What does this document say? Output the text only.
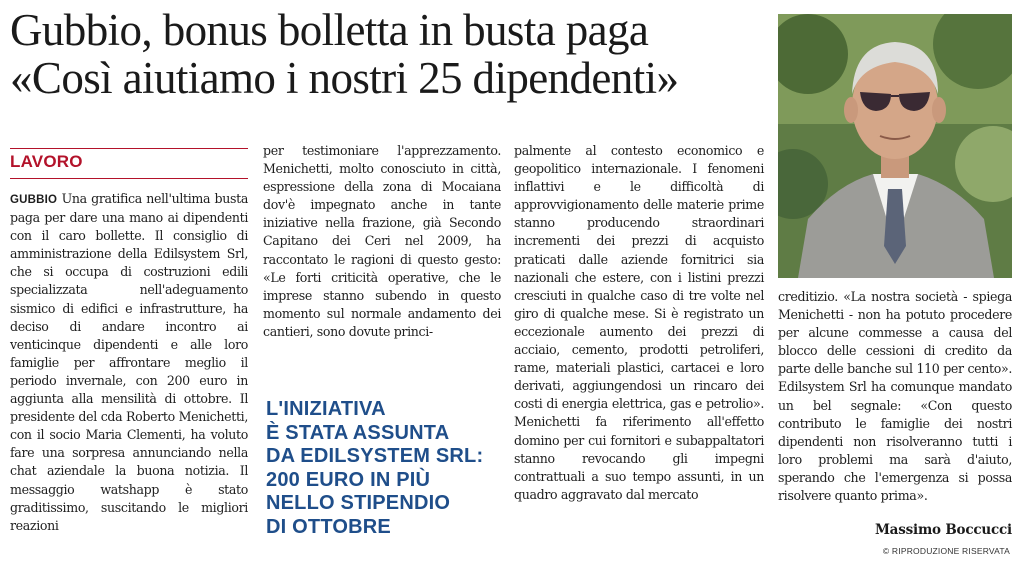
Gubbio, bonus bolletta in busta paga
«Così aiutiamo i nostri 25 dipendenti»
LAVORO
GUBBIO Una gratifica nell'ultima busta paga per dare una mano ai dipendenti con il caro bollette. Il consiglio di amministrazione della Edilsystem Srl, che si occupa di costruzioni edili specializzata nell'adeguamento sismico di edifici e infrastrutture, ha deciso di andare incontro ai venticinque dipendenti e alle loro famiglie per affrontare meglio il periodo invernale, con 200 euro in aggiunta alla mensilità di ottobre. Il presidente del cda Roberto Menichetti, con il socio Maria Clementi, ha voluto fare una sorpresa annunciando nella chat aziendale la buona notizia. Il messaggio watshapp è stato graditissimo, suscitando le migliori reazioni
per testimoniare l'apprezzamento. Menichetti, molto conosciuto in città, espressione della zona di Mocaiana dov'è impegnato anche in tante iniziative nella frazione, già Secondo Capitano dei Ceri nel 2009, ha raccontato le ragioni di questo gesto: «Le forti criticità operative, che le imprese stanno subendo in questo momento sul normale andamento dei cantieri, sono dovute princi-
L'INIZIATIVA
È STATA ASSUNTA
DA EDILSYSTEM SRL:
200 EURO IN PIÙ
NELLO STIPENDIO
DI OTTOBRE
palmente al contesto economico e geopolitico internazionale. I fenomeni inflattivi e le difficoltà di approvvigionamento delle materie prime stanno producendo straordinari incrementi dei prezzi di acquisto praticati dalle aziende fornitrici sia nazionali che estere, con i listini prezzi cresciuti in qualche caso di tre volte nel giro di qualche mese. Si è registrato un eccezionale aumento dei prezzi di acciaio, cemento, prodotti petroliferi, rame, materiali plastici, cartacei e loro derivati, aggiungendosi un rincaro dei costi di energia elettrica, gas e petrolio». Menichetti fa riferimento all'effetto domino per cui fornitori e subappaltatori stanno revocando gli impegni contrattuali a suo tempo assunti, in un quadro aggravato dal mercato
creditizio. «La nostra società - spiega Menichetti - non ha potuto procedere per alcune commesse a causa del blocco delle cessioni di credito da parte delle banche sul 110 per cento». Edilsystem Srl ha comunque mandato un bel segnale: «Con questo contributo le famiglie dei nostri dipendenti non risolveranno tutti i loro problemi ma sarà d'aiuto, sperando che l'emergenza si possa risolvere quanto prima».
Massimo Boccucci
© RIPRODUZIONE RISERVATA
